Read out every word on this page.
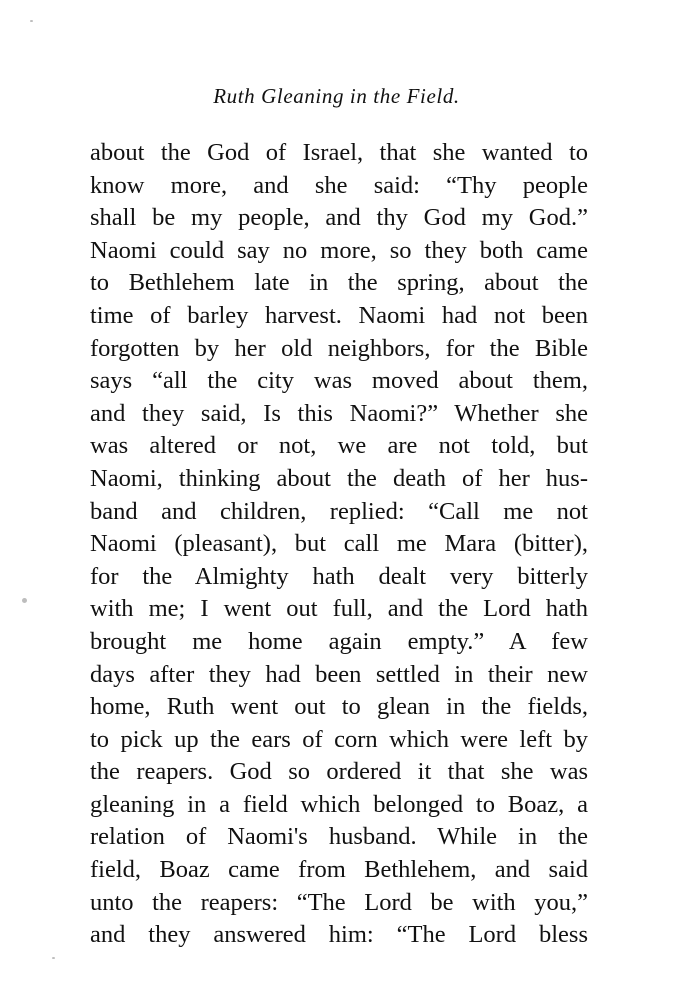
Ruth Gleaning in the Field.
about the God of Israel, that she wanted to
know more, and she said: “Thy people
shall be my people, and thy God my God.”
Naomi could say no more, so they both came
to Bethlehem late in the spring, about the
time of barley harvest. Naomi had not been
forgotten by her old neighbors, for the Bible
says “all the city was moved about them,
and they said, Is this Naomi?” Whether she
was altered or not, we are not told, but
Naomi, thinking about the death of her hus-
band and children, replied: “Call me not
Naomi (pleasant), but call me Mara (bitter),
for the Almighty hath dealt very bitterly
with me; I went out full, and the Lord hath
brought me home again empty.” A few
days after they had been settled in their new
home, Ruth went out to glean in the fields,
to pick up the ears of corn which were left by
the reapers. God so ordered it that she was
gleaning in a field which belonged to Boaz, a
relation of Naomi's husband. While in the
field, Boaz came from Bethlehem, and said
unto the reapers: “The Lord be with you,”
and they answered him: “The Lord bless
